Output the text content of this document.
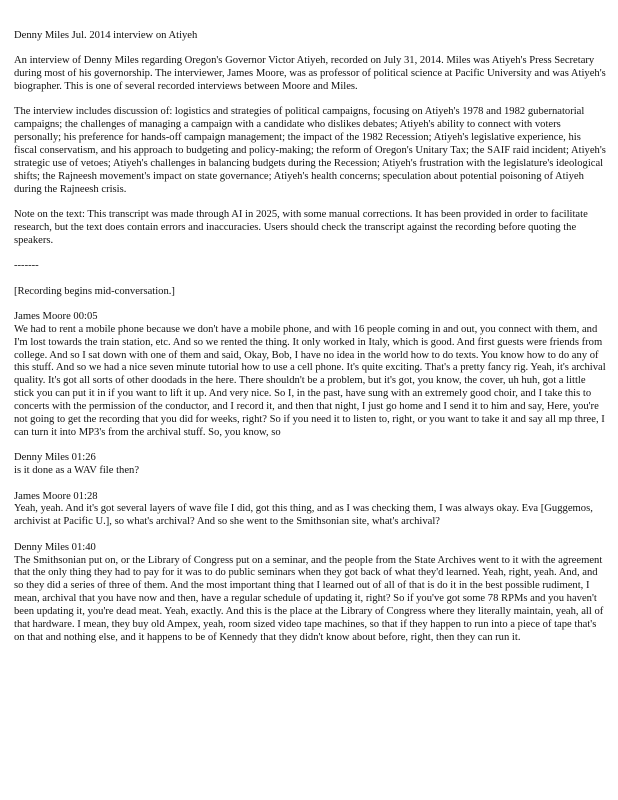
Denny Miles Jul. 2014 interview on Atiyeh

An interview of Denny Miles regarding Oregon's Governor Victor Atiyeh, recorded on July 31, 2014. Miles was Atiyeh's Press Secretary during most of his governorship. The interviewer, James Moore, was as professor of political science at Pacific University and was Atiyeh's biographer. This is one of several recorded interviews between Moore and Miles.

The interview includes discussion of: logistics and strategies of political campaigns, focusing on Atiyeh's 1978 and 1982 gubernatorial campaigns; the challenges of managing a campaign with a candidate who dislikes debates; Atiyeh's ability to connect with voters personally; his preference for hands-off campaign management; the impact of the 1982 Recession; Atiyeh's legislative experience, his fiscal conservatism, and his approach to budgeting and policy-making; the reform of Oregon's Unitary Tax; the SAIF raid incident; Atiyeh's strategic use of vetoes; Atiyeh's challenges in balancing budgets during the Recession; Atiyeh's frustration with the legislature's ideological shifts; the Rajneesh movement's impact on state governance; Atiyeh's health concerns; speculation about potential poisoning of Atiyeh during the Rajneesh crisis.

Note on the text: This transcript was made through AI in 2025, with some manual corrections. It has been provided in order to facilitate research, but the text does contain errors and inaccuracies. Users should check the transcript against the recording before quoting the speakers.

-------

[Recording begins mid-conversation.]

James Moore 00:05
We had to rent a mobile phone because we don't have a mobile phone, and with 16 people coming in and out, you connect with them, and I'm lost towards the train station, etc. And so we rented the thing. It only worked in Italy, which is good. And first guests were friends from college. And so I sat down with one of them and said, Okay, Bob, I have no idea in the world how to do texts. You know how to do any of this stuff. And so we had a nice seven minute tutorial how to use a cell phone. It's quite exciting. That's a pretty fancy rig. Yeah, it's archival quality. It's got all sorts of other doodads in the here. There shouldn't be a problem, but it's got, you know, the cover, uh huh, got a little stick you can put it in if you want to lift it up. And very nice. So I, in the past, have sung with an extremely good choir, and I take this to concerts with the permission of the conductor, and I record it, and then that night, I just go home and I send it to him and say, Here, you're not going to get the recording that you did for weeks, right? So if you need it to listen to, right, or you want to take it and say all mp three, I can turn it into MP3's from the archival stuff. So, you know, so
Denny Miles 01:26
is it done as a WAV file then?
James Moore 01:28
Yeah, yeah. And it's got several layers of wave file I did, got this thing, and as I was checking them, I was always okay. Eva [Guggemos, archivist at Pacific U.], so what's archival? And so she went to the Smithsonian site, what's archival?
Denny Miles 01:40
The Smithsonian put on, or the Library of Congress put on a seminar, and the people from the State Archives went to it with the agreement that the only thing they had to pay for it was to do public seminars when they got back of what they'd learned. Yeah, right, yeah. And, and so they did a series of three of them. And the most important thing that I learned out of all of that is do it in the best possible rudiment, I mean, archival that you have now and then, have a regular schedule of updating it, right? So if you've got some 78 RPMs and you haven't been updating it, you're dead meat. Yeah, exactly. And this is the place at the Library of Congress where they literally maintain, yeah, all of that hardware. I mean, they buy old Ampex, yeah, room sized video tape machines, so that if they happen to run into a piece of tape that's on that and nothing else, and it happens to be of Kennedy that they didn't know about before, right, then they can run it.
